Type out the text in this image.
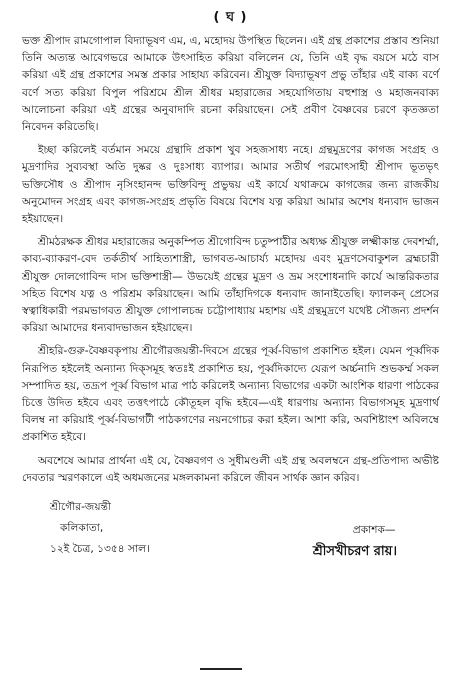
( ঘ )

ভক্ত শ্রীপাদ রামগোপাল বিদ্যাভূষণ এম, এ, মহোদয় উপস্থিত ছিলেন। এই গ্রন্থ প্রকাশের প্রস্তাব শুনিয়া তিনি অত্যন্ত আবেগভরে আমাকে উৎসাহিত করিয়া বলিলেন যে, তিনি এই বৃদ্ধ বয়সে মঠে বাস করিয়া এই গ্রন্থ প্রকাশের সমস্ত প্রকার সাহায্য করিবেন। শ্রীযুক্ত বিদ্যাভূষণ প্রভু তাঁহার এই বাক্য বর্ণে বর্ণে সত্য করিয়া বিপুল পরিশ্রমে শ্রীল শ্রীধর মহারাজের সহযোগিতায় বহুশাস্ত্র ও মহাজনবাক্য আলোচনা করিয়া এই গ্রন্থের অনুবাদাদি রচনা করিয়াছেন। সেই প্রবীণ বৈষ্ণবের চরণে কৃতজ্ঞতা নিবেদন করিতেছি।

ইচ্ছা করিলেই বর্তমান সময়ে গ্রন্থাদি প্রকাশ খুব সহজসাধ্য নহে। গ্রন্থমুদ্রণের কাগজ সংগ্রহ ও মুদ্রণাদির সুব্যবস্থা অতি দুষ্কর ও দুঃসাধ্য ব্যাপার। আমার সতীর্থ পরমোৎসাহী শ্রীপাদ ভূতভৃৎ ভক্তিসৌধ ও শ্রীপাদ নৃসিংহানন্দ ভক্তিবিন্দু প্রভুদ্বয় এই কার্যে যথাক্রমে কাগজের জন্য রাজকীয় অনুমোদন সংগ্রহ এবং কাগজ-সংগ্রহ প্রভৃতি বিষয়ে বিশেষ যত্ন করিয়া আমার অশেষ ধন্যবাদ ভাজন হইয়াছেন।

শ্রীমঠরক্ষক শ্রীধর মহারাজের অনুকম্পিত শ্রীগোবিন্দ চতুষ্পাঠীর অধ্যক্ষ শ্রীযুক্ত লক্ষ্মীকান্ত দেবশর্ম্মা, কাব্য-ব্যাকরণ-বেদ তর্কতীর্থ সাহিত্যশাস্ত্রী, ভাগবত-আচার্য্য মহোদয় এবং মুদ্রণসেবাকুশল ব্রহ্মচারী শ্রীযুক্ত দোলগোবিন্দ দাস ভক্তিশাস্ত্রী— উভয়েই গ্রন্থের মুদ্রণ ও ভ্রম সংশোধনাদি কার্যে আন্তরিকতার সহিত বিশেষ যত্ন ও পরিশ্রম করিয়াছেন। আমি তাঁহাদিগকে ধন্যবাদ জানাইতেছি। ফ্যালকন্ প্রেসের স্বত্বাধিকারী পরমভাগবত শ্রীযুক্ত গোপালচন্দ্র চট্টোপাধ্যায় মহাশয় এই গ্রন্থমুদ্রণে যথেষ্ট সৌজন্য প্রদর্শন করিয়া আমাদের ধন্যবাদভাজন হইয়াছেন।

শ্রীহরি-গুরু-বৈষ্ণবকৃপায় শ্রীগৌরজয়ন্তী-দিবসে গ্রন্থের পূর্ব্ব-বিভাগ প্রকাশিত হইল। যেমন পূর্ব্বদিক নিরূপিত হইলেই অন্যান্য দিক্‌সমূহ স্বতঃই প্রকাশিত হয়, পূর্ব্বদিকাদ্যে যেরূপ অর্চ্চনাদি শুভকর্ম্ম সকল সম্পাদিত হয়, তদ্রূপ পূর্ব্ব বিভাগ মাত্র পাঠ করিলেই অন্যান্য বিভাগের একটা আংশিক ধারণা পাঠকের চিত্তে উদিত হইবে এবং তত্তৎপাঠে কৌতূহল বৃদ্ধি হইবে—এই ধারণায় অন্যান্য বিভাগসমূহ মুদ্রণার্থ বিলম্ব না করিয়াই পূর্ব্ব-বিভাগটী পাঠকগণের নয়নগোচর করা হইল। আশা করি, অবশিষ্টাংশ অবিলম্বে প্রকাশিত হইবে।

অবশেষে আমার প্রার্থনা এই যে, বৈষ্ণবগণ ও সুধীমণ্ডলী এই গ্রন্থ অবলম্বনে গ্রন্থ-প্রতিপাদ্য অভীষ্ট দেবতার স্মরণকালে এই অধমজনের মঙ্গলকামনা করিলে জীবন সার্থক জ্ঞান করিব।

শ্রীগৌর-জয়ন্তী
কলিকাতা,
১২ই চৈত্র, ১৩৫৪ সাল।
প্রকাশক—
শ্রীসখীচরণ রায়।
